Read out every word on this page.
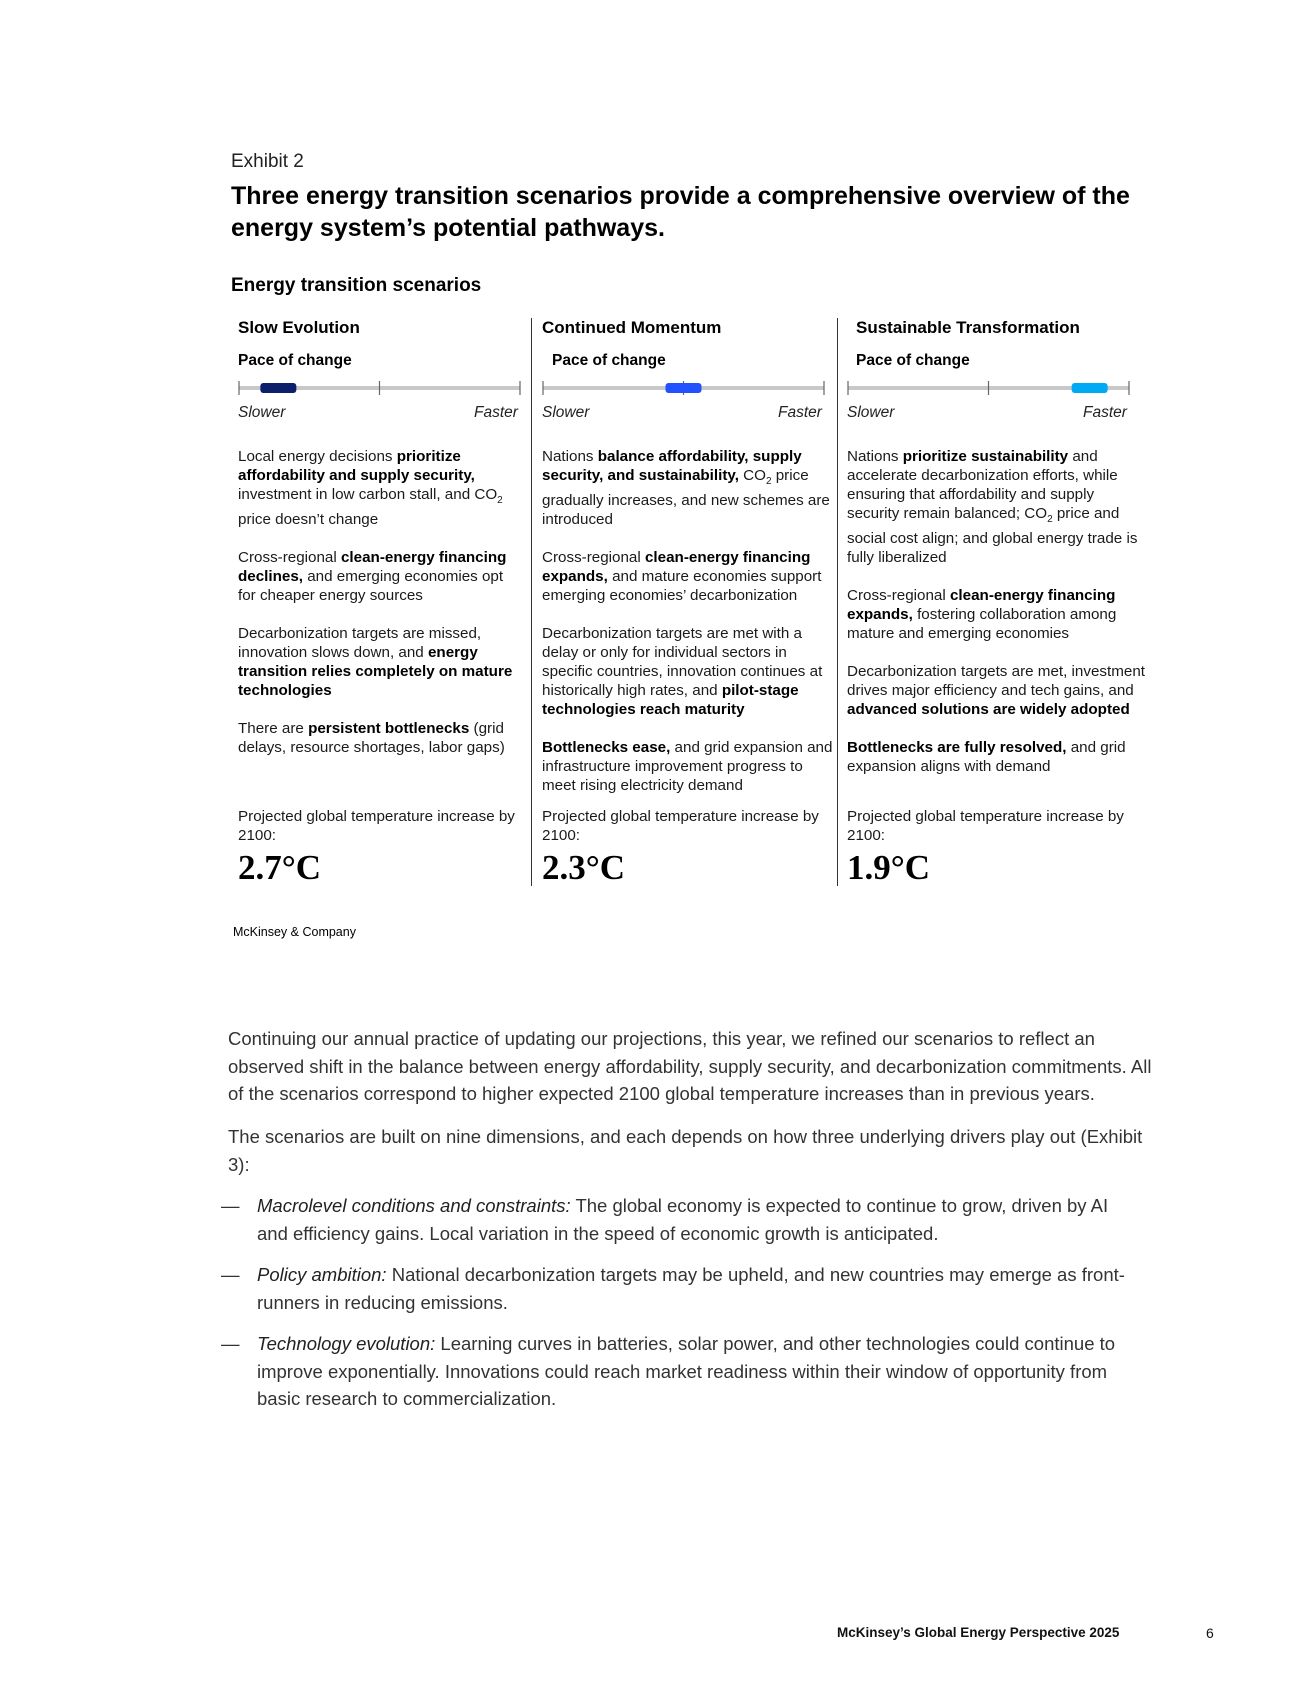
Exhibit 2
Three energy transition scenarios provide a comprehensive overview of the energy system’s potential pathways.
Energy transition scenarios
Slow Evolution
Pace of change
Slower	Faster

Local energy decisions prioritize affordability and supply security, investment in low carbon stall, and $CO_2$ price doesn’t change

Cross-regional clean-energy financing declines, and emerging economies opt for cheaper energy sources

Decarbonization targets are missed, innovation slows down, and energy transition relies completely on mature technologies

There are persistent bottlenecks (grid delays, resource shortages, labor gaps)

Projected global temperature increase by 2100:
2.7°C
Continued Momentum
Pace of change
Slower	Faster

Nations balance affordability, supply security, and sustainability, $CO_2$ price gradually increases, and new schemes are introduced

Cross-regional clean-energy financing expands, and mature economies support emerging economies’ decarbonization

Decarbonization targets are met with a delay or only for individual sectors in specific countries, innovation continues at historically high rates, and pilot-stage technologies reach maturity

Bottlenecks ease, and grid expansion and infrastructure improvement progress to meet rising electricity demand

Projected global temperature increase by 2100:
2.3°C
Sustainable Transformation
Pace of change
Slower	Faster

Nations prioritize sustainability and accelerate decarbonization efforts, while ensuring that affordability and supply security remain balanced; $CO_2$ price and social cost align; and global energy trade is fully liberalized

Cross-regional clean-energy financing expands, fostering collaboration among mature and emerging economies

Decarbonization targets are met, investment drives major efficiency and tech gains, and advanced solutions are widely adopted

Bottlenecks are fully resolved, and grid expansion aligns with demand

Projected global temperature increase by 2100:
1.9°C
McKinsey & Company
Continuing our annual practice of updating our projections, this year, we refined our scenarios to reflect an observed shift in the balance between energy affordability, supply security, and decarbonization commitments. All of the scenarios correspond to higher expected 2100 global temperature increases than in previous years.
The scenarios are built on nine dimensions, and each depends on how three underlying drivers play out (Exhibit 3):
— Macrolevel conditions and constraints: The global economy is expected to continue to grow, driven by AI and efficiency gains. Local variation in the speed of economic growth is anticipated.
— Policy ambition: National decarbonization targets may be upheld, and new countries may emerge as front-runners in reducing emissions.
— Technology evolution: Learning curves in batteries, solar power, and other technologies could continue to improve exponentially. Innovations could reach market readiness within their window of opportunity from basic research to commercialization.
McKinsey’s Global Energy Perspective 2025	6
